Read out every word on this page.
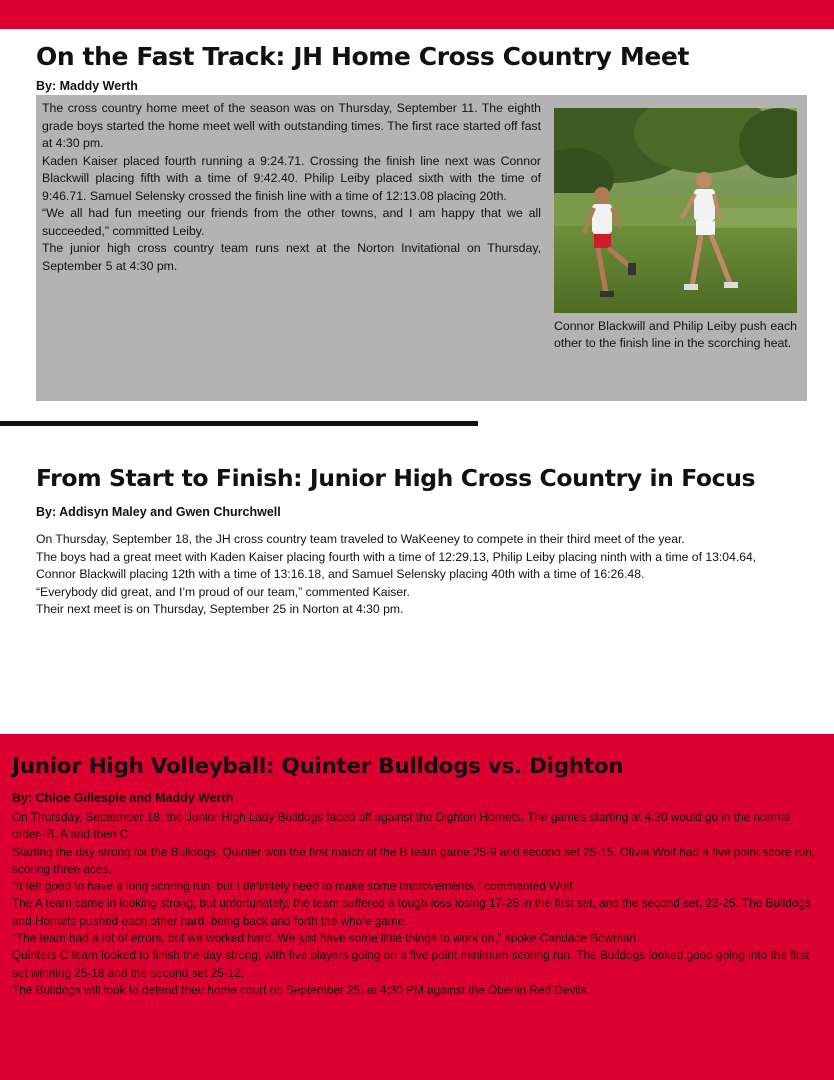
On the Fast Track: JH Home Cross Country Meet
By: Maddy Werth

The cross country home meet of the season was on Thursday, September 11. The eighth grade boys started the home meet well with outstanding times. The first race started off fast at 4:30 pm.

Kaden Kaiser placed fourth running a 9:24.71. Crossing the finish line next was Connor Blackwill placing fifth with a time of 9:42.40. Philip Leiby placed sixth with the time of 9:46.71. Samuel Selensky crossed the finish line with a time of 12:13.08 placing 20th.

“We all had fun meeting our friends from the other towns, and I am happy that we all succeeded,” committed Leiby.

The junior high cross country team runs next at the Norton Invitational on Thursday, September 5 at 4:30 pm.

Connor Blackwill and Philip Leiby push each other to the finish line in the scorching heat.

From Start to Finish: Junior High Cross Country in Focus
By: Addisyn Maley and Gwen Churchwell

On Thursday, September 18, the JH cross country team traveled to WaKeeney to compete in their third meet of the year.

The boys had a great meet with Kaden Kaiser placing fourth with a time of 12:29.13, Philip Leiby placing ninth with a time of 13:04.64, Connor Blackwill placing 12th with a time of 13:16.18, and Samuel Selensky placing 40th with a time of 16:26.48.

“Everybody did great, and I’m proud of our team,” commented Kaiser.

Their next meet is on Thursday, September 25 in Norton at 4:30 pm.

Junior High Volleyball: Quinter Bulldogs vs. Dighton
By: Chloe Gillespie and Maddy Werth

On Thursday, September 18, the Junior High Lady Bulldogs faced off against the Dighton Hornets. The games starting at 4:30 would go in the normal order–B, A and then C.

Starting the day strong for the Bulldogs, Quinter won the first match of the B team game 25-9 and second set 25-15. Olivia Wolf had a five point score run, scoring three aces.

“It felt good to have a long scoring run, but I definitely need to make some improvements,” commented Wolf.

The A team came in looking strong, but unfortunately, the team suffered a tough loss losing 17-25 in the first set, and the second set, 23-25. The Bulldogs and Hornets pushed each other hard, being back and forth the whole game.

“The team had a lot of errors, but we worked hard. We just have some little things to work on,” spoke Candace Bowman.

Quinters C team looked to finish the day strong, with five players going on a five point minimum scoring run. The Bulldogs looked good going into the first set winning 25-18 and the second set 25-12.

The Bulldogs will look to defend their home court on September 25, at 4:30 PM against the Oberlin Red Devils.
